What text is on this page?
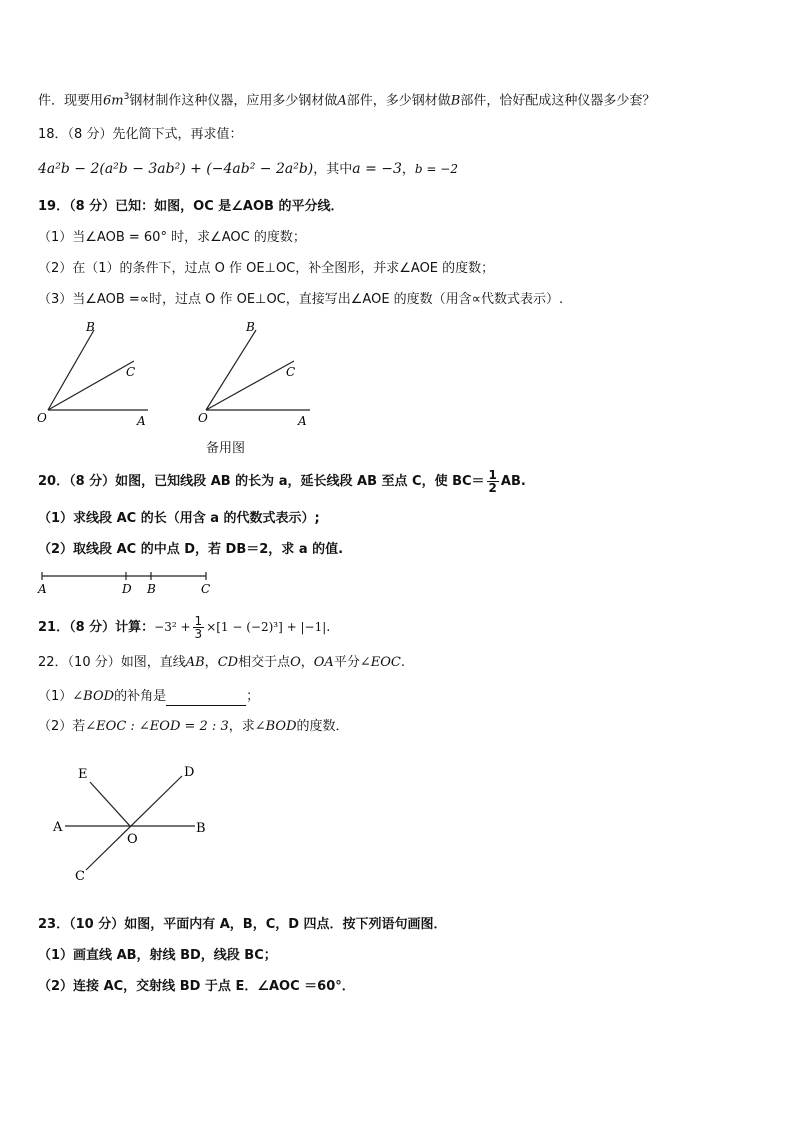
件．现要用$6m^3$钢材制作这种仪器，应用多少钢材做A部件，多少钢材做B部件，恰好配成这种仪器多少套？
18．（8 分）先化简下式，再求值：
4a²b − 2(a²b − 3ab²) + (−4ab² − 2a²b)，其中a = −3，b = −2
19．（8 分）已知：如图，OC 是∠AOB 的平分线．
（1）当∠AOB = 60° 时，求∠AOC 的度数；
（2）在（1）的条件下，过点 O 作 OE⊥OC，补全图形，并求∠AOE 的度数；
（3）当∠AOB =∝时，过点 O 作 OE⊥OC，直接写出∠AOE 的度数（用含∝代数式表示）.
B
C
O	A
B
C
O	A
备用图
20．（8 分）如图，已知线段 AB 的长为 a，延长线段 AB 至点 C，使 $BC= \frac{1}{2}$ AB.
（1）求线段 AC 的长（用含 a 的代数式表示）;
（2）取线段 AC 的中点 D，若 DB＝2，求 a 的值.
A	D B	C
21．（8 分）计算：$-3^2 + \frac{1}{3} \times[1 - (-2)^3] + |-1|$.
22．（10 分）如图，直线AB，CD相交于点O，OA平分∠EOC.
（1）∠BOD的补角是	；
（2）若∠EOC : ∠EOD = 2 : 3，求∠BOD的度数．
E	D
A	B
O
C
23．（10 分）如图，平面内有 A，B，C，D 四点．按下列语句画图．
（1）画直线 AB，射线 BD，线段 BC；
（2）连接 AC，交射线 BD 于点 E．∠AOC ＝60°．
